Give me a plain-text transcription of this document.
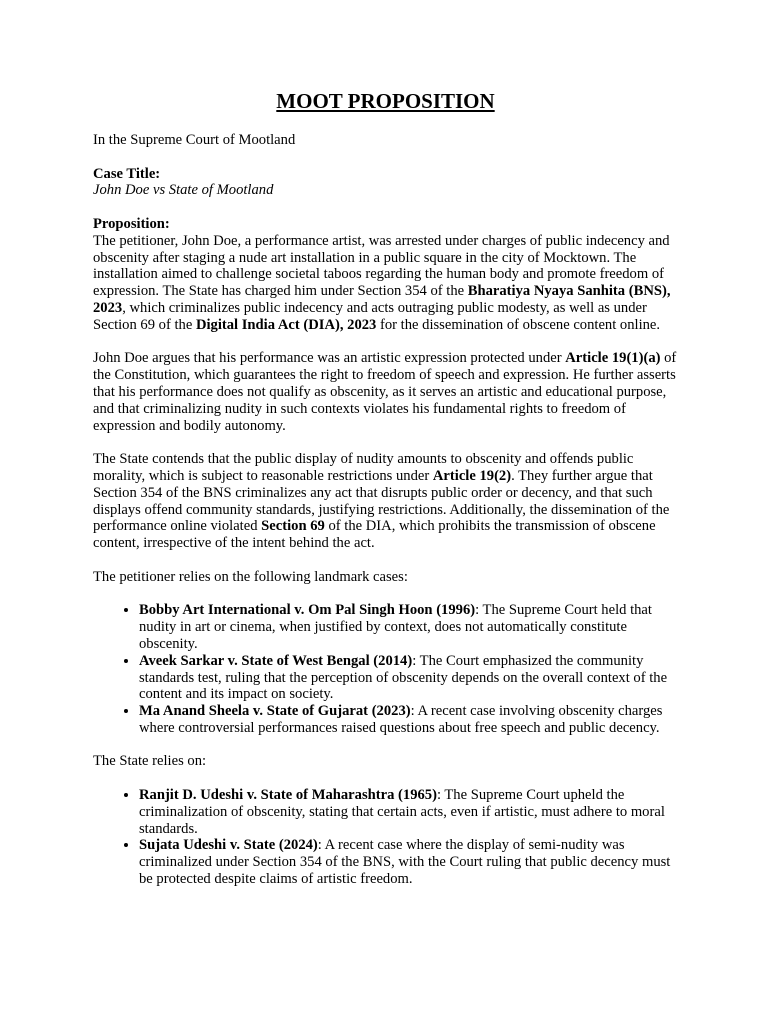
MOOT PROPOSITION

In the Supreme Court of Mootland

Case Title:

John Doe vs State of Mootland

Proposition:

The petitioner, John Doe, a performance artist, was arrested under charges of public indecency and obscenity after staging a nude art installation in a public square in the city of Mocktown. The installation aimed to challenge societal taboos regarding the human body and promote freedom of expression. The State has charged him under Section 354 of the Bharatiya Nyaya Sanhita (BNS), 2023, which criminalizes public indecency and acts outraging public modesty, as well as under Section 69 of the Digital India Act (DIA), 2023 for the dissemination of obscene content online.

John Doe argues that his performance was an artistic expression protected under Article 19(1)(a) of the Constitution, which guarantees the right to freedom of speech and expression. He further asserts that his performance does not qualify as obscenity, as it serves an artistic and educational purpose, and that criminalizing nudity in such contexts violates his fundamental rights to freedom of expression and bodily autonomy.

The State contends that the public display of nudity amounts to obscenity and offends public morality, which is subject to reasonable restrictions under Article 19(2). They further argue that Section 354 of the BNS criminalizes any act that disrupts public order or decency, and that such displays offend community standards, justifying restrictions. Additionally, the dissemination of the performance online violated Section 69 of the DIA, which prohibits the transmission of obscene content, irrespective of the intent behind the act.

The petitioner relies on the following landmark cases:

• Bobby Art International v. Om Pal Singh Hoon (1996): The Supreme Court held that nudity in art or cinema, when justified by context, does not automatically constitute obscenity.
• Aveek Sarkar v. State of West Bengal (2014): The Court emphasized the community standards test, ruling that the perception of obscenity depends on the overall context of the content and its impact on society.
• Ma Anand Sheela v. State of Gujarat (2023): A recent case involving obscenity charges where controversial performances raised questions about free speech and public decency.

The State relies on:

• Ranjit D. Udeshi v. State of Maharashtra (1965): The Supreme Court upheld the criminalization of obscenity, stating that certain acts, even if artistic, must adhere to moral standards.
• Sujata Udeshi v. State (2024): A recent case where the display of semi-nudity was criminalized under Section 354 of the BNS, with the Court ruling that public decency must be protected despite claims of artistic freedom.
